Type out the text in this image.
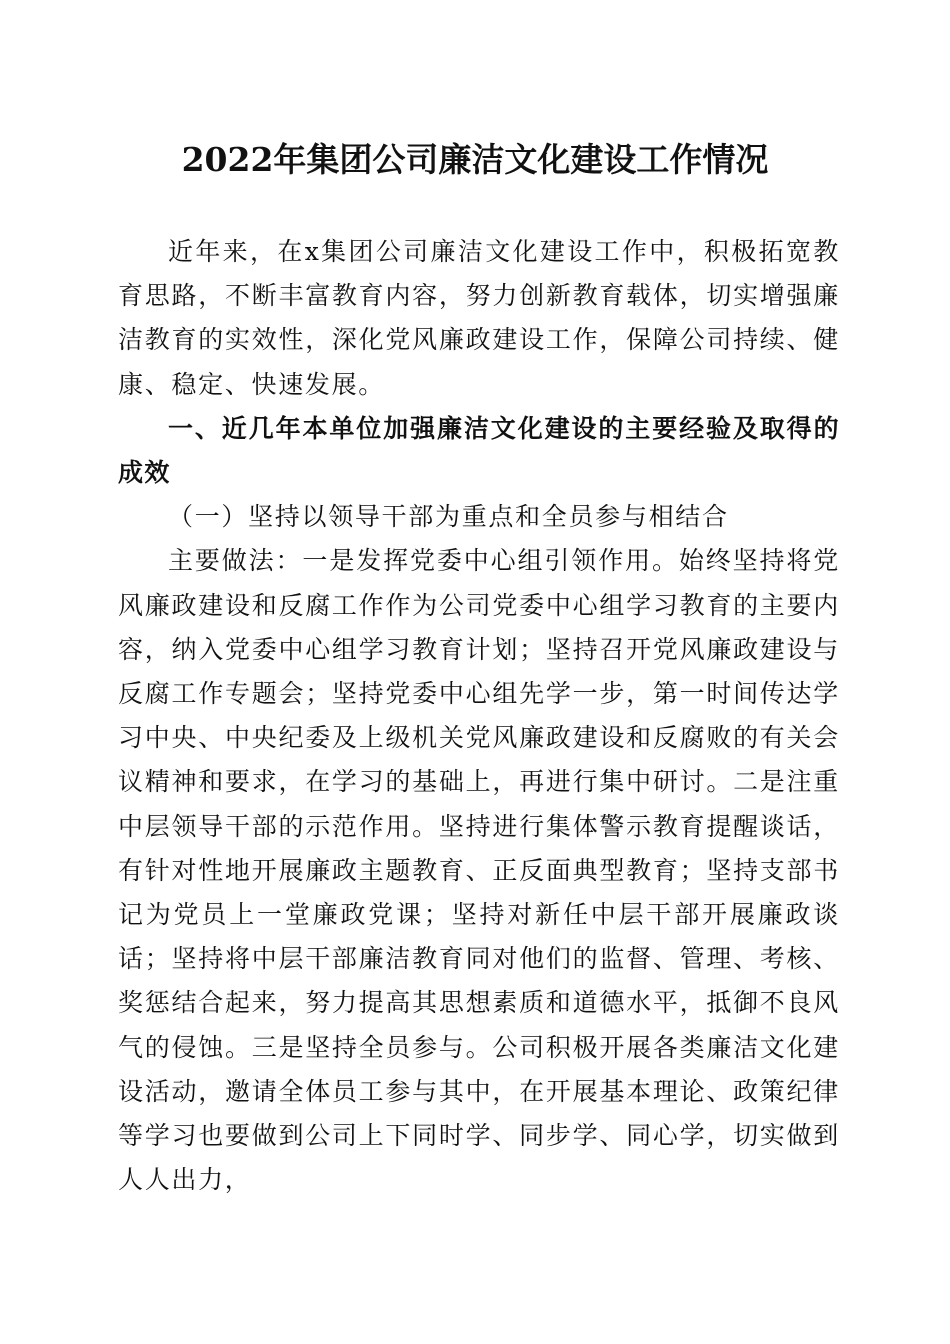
2022年集团公司廉洁文化建设工作情况

近年来，在x集团公司廉洁文化建设工作中，积极拓宽教育思路，不断丰富教育内容，努力创新教育载体，切实增强廉洁教育的实效性，深化党风廉政建设工作，保障公司持续、健康、稳定、快速发展。

一、近几年本单位加强廉洁文化建设的主要经验及取得的成效

（一）坚持以领导干部为重点和全员参与相结合

主要做法：一是发挥党委中心组引领作用。始终坚持将党风廉政建设和反腐工作作为公司党委中心组学习教育的主要内容，纳入党委中心组学习教育计划；坚持召开党风廉政建设与反腐工作专题会；坚持党委中心组先学一步，第一时间传达学习中央、中央纪委及上级机关党风廉政建设和反腐败的有关会议精神和要求，在学习的基础上，再进行集中研讨。二是注重中层领导干部的示范作用。坚持进行集体警示教育提醒谈话，有针对性地开展廉政主题教育、正反面典型教育；坚持支部书记为党员上一堂廉政党课；坚持对新任中层干部开展廉政谈话；坚持将中层干部廉洁教育同对他们的监督、管理、考核、奖惩结合起来，努力提高其思想素质和道德水平，抵御不良风气的侵蚀。三是坚持全员参与。公司积极开展各类廉洁文化建设活动，邀请全体员工参与其中，在开展基本理论、政策纪律等学习也要做到公司上下同时学、同步学、同心学，切实做到人人出力，
